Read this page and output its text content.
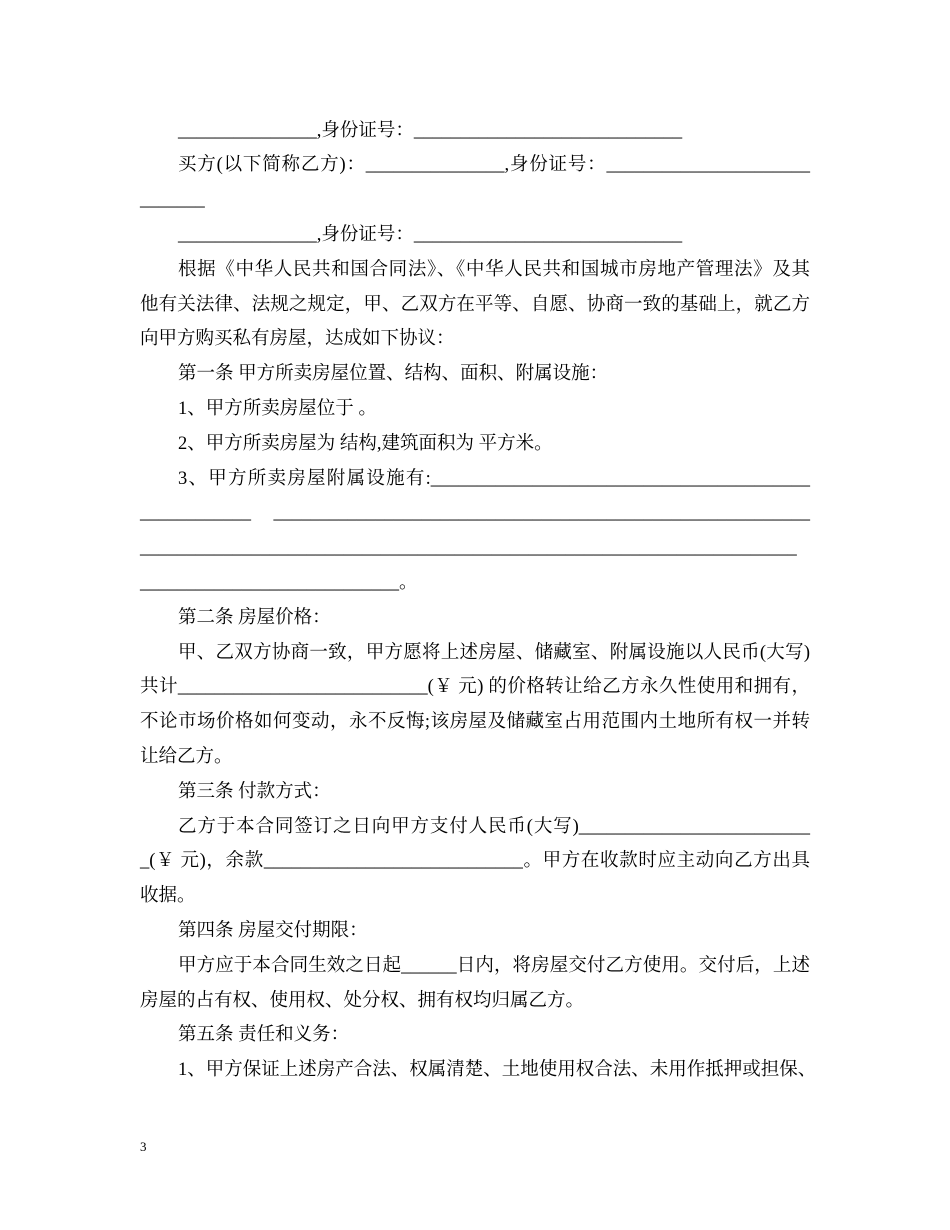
_______________,身份证号：_____________________________
买方(以下简称乙方)：_______________,身份证号：______________________
_______
_______________,身份证号：_____________________________
根据《中华人民共和国合同法》、《中华人民共和国城市房地产管理法》及其
他有关法律、法规之规定，甲、乙双方在平等、自愿、协商一致的基础上，就乙方
向甲方购买私有房屋，达成如下协议：
第一条 甲方所卖房屋位置、结构、面积、附属设施：
1、甲方所卖房屋位于 。
2、甲方所卖房屋为 结构,建筑面积为 平方米。
3、甲方所卖房屋附属设施有:_________________________________________
____________ __________________________________________________________
_______________________________________________________________________
____________________________。
第二条 房屋价格：
甲、乙双方协商一致，甲方愿将上述房屋、储藏室、附属设施以人民币(大写)
共计___________________________(￥ 元) 的价格转让给乙方永久性使用和拥有，
不论市场价格如何变动，永不反悔;该房屋及储藏室占用范围内土地所有权一并转
让给乙方。
第三条 付款方式：
乙方于本合同签订之日向甲方支付人民币(大写)_________________________
_(￥ 元)，余款____________________________。甲方在收款时应主动向乙方出具
收据。
第四条 房屋交付期限：
甲方应于本合同生效之日起______日内，将房屋交付乙方使用。交付后，上述
房屋的占有权、使用权、处分权、拥有权均归属乙方。
第五条 责任和义务：
1、甲方保证上述房产合法、权属清楚、土地使用权合法、未用作抵押或担保、
3
